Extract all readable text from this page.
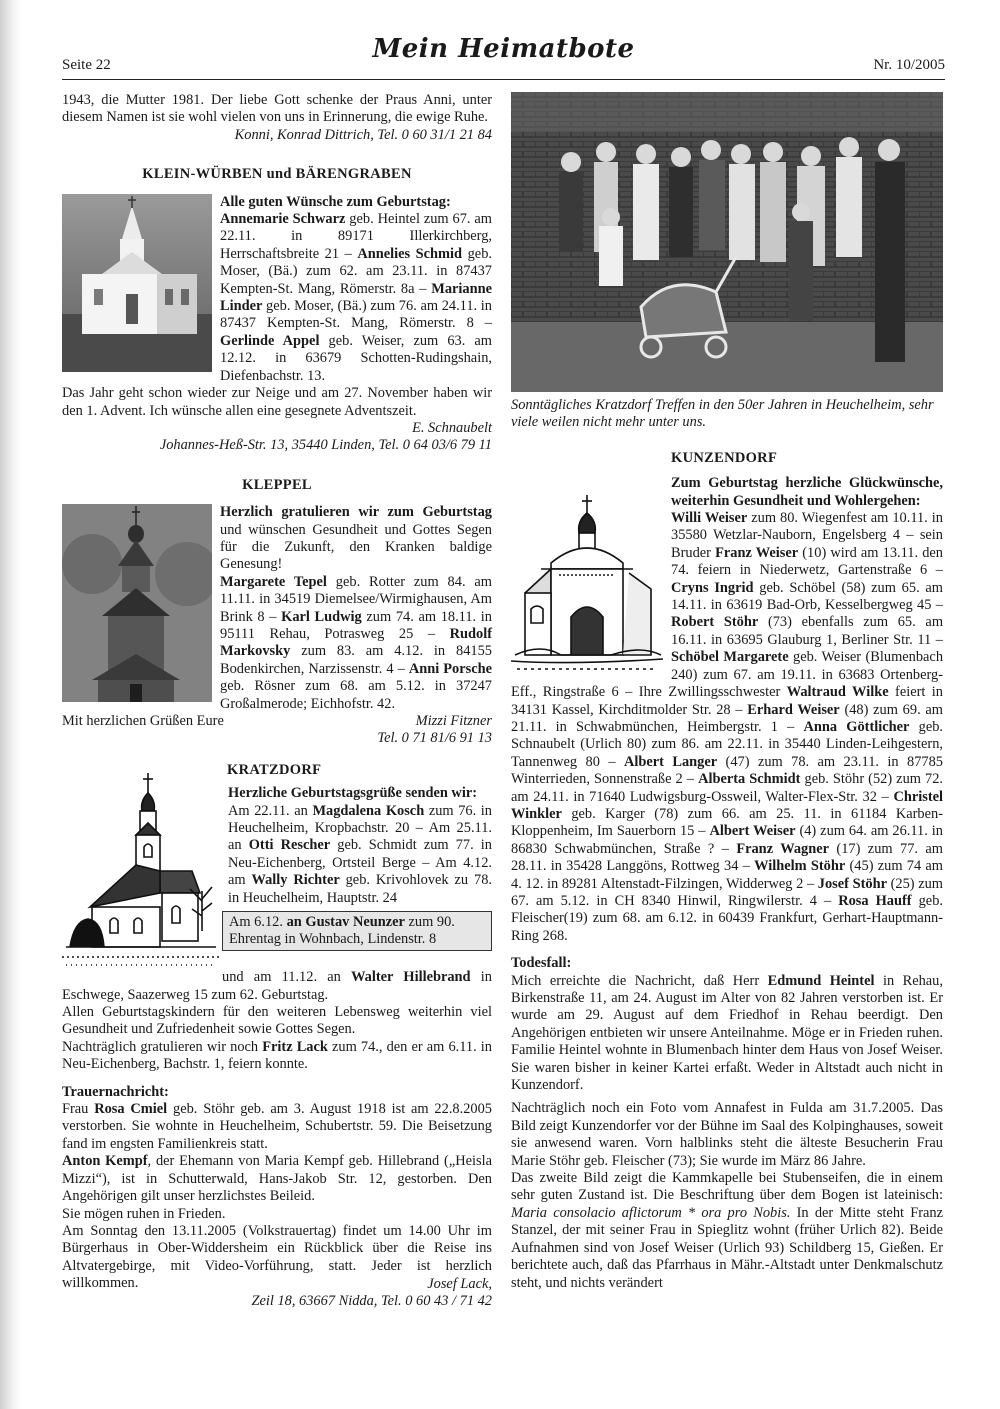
Seite 22
Mein Heimatbote
Nr. 10/2005

1943, die Mutter 1981. Der liebe Gott schenke der Praus Anni, unter diesem Namen ist sie wohl vielen von uns in Erinnerung, die ewige Ruhe.
Konni, Konrad Dittrich, Tel. 0 60 31/1 21 84

KLEIN-WÜRBEN und BÄRENGRABEN

Alle guten Wünsche zum Geburtstag:
Annemarie Schwarz geb. Heintel zum 67. am 22.11. in 89171 Illerkirchberg, Herrschaftsbreite 21 – Annelies Schmid geb. Moser, (Bä.) zum 62. am 23.11. in 87437 Kempten-St. Mang, Römerstr. 8a – Marianne Linder geb. Moser, (Bä.) zum 76. am 24.11. in 87437 Kempten-St. Mang, Römerstr. 8 – Gerlinde Appel geb. Weiser, zum 63. am 12.12. in 63679 Schotten-Rudingshain, Diefenbachstr. 13.

Das Jahr geht schon wieder zur Neige und am 27. November haben wir den 1. Advent. Ich wünsche allen eine gesegnete Adventszeit.

E. Schnaubelt

Johannes-Heß-Str. 13, 35440 Linden, Tel. 0 64 03/6 79 11

KLEPPEL

Herzlich gratulieren wir zum Geburtstag und wünschen Gesundheit und Gottes Segen für die Zukunft, den Kranken baldige Genesung!
Margarete Tepel geb. Rotter zum 84. am 11.11. in 34519 Diemelsee/Wirmighausen, Am Brink 8 – Karl Ludwig zum 74. am 18.11. in 95111 Rehau, Potrasweg 25 – Rudolf Markovsky zum 83. am 4.12. in 84155 Bodenkirchen, Narzissenstr. 4 – Anni Porsche geb. Rösner zum 68. am 5.12. in 37247 Großalmerode; Eichhofstr. 42.

Mit herzlichen Grüßen Eure	Mizzi Fitzner

Tel. 0 71 81/6 91 13

KRATZDORF

Herzliche Geburtstagsgrüße senden wir:
Am 22.11. an Magdalena Kosch zum 76. in Heuchelheim, Kropbachstr. 20 – Am 25.11. an Otti Rescher geb. Schmidt zum 77. in Neu-Eichenberg, Ortsteil Berge – Am 4.12. am Wally Richter geb. Krivohlovek zu 78. in Heuchelheim, Hauptstr. 24

Am 6.12. an Gustav Neunzer zum 90. Ehrentag in Wohnbach, Lindenstr. 8

und am 11.12. an Walter Hillebrand in Eschwege, Saazerweg 15 zum 62. Geburtstag.

Allen Geburtstagskindern für den weiteren Lebensweg weiterhin viel Gesundheit und Zufriedenheit sowie Gottes Segen.

Nachträglich gratulieren wir noch Fritz Lack zum 74., den er am 6.11. in Neu-Eichenberg, Bachstr. 1, feiern konnte.

Trauernachricht:

Frau Rosa Cmiel geb. Stöhr geb. am 3. August 1918 ist am 22.8.2005 verstorben. Sie wohnte in Heuchelheim, Schubertstr. 59. Die Beisetzung fand im engsten Familienkreis statt.

Anton Kempf, der Ehemann von Maria Kempf geb. Hillebrand („Heisla Mizzi“), ist in Schutterwald, Hans-Jakob Str. 12, gestorben. Den Angehörigen gilt unser herzlichstes Beileid.

Sie mögen ruhen in Frieden.

Am Sonntag den 13.11.2005 (Volkstrauertag) findet um 14.00 Uhr im Bürgerhaus in Ober-Widdersheim ein Rückblick über die Reise ins Altvatergebirge, mit Video-Vorführung, statt. Jeder ist herzlich willkommen.	Josef Lack,

Zeil 18, 63667 Nidda, Tel. 0 60 43 / 71 42

Sonntägliches Kratzdorf Treffen in den 50er Jahren in Heuchelheim, sehr viele weilen nicht mehr unter uns.

KUNZENDORF

Zum Geburtstag herzliche Glückwünsche, weiterhin Gesundheit und Wohlergehen:
Willi Weiser zum 80. Wiegenfest am 10.11. in 35580 Wetzlar-Nauborn, Engelsberg 4 – sein Bruder Franz Weiser (10) wird am 13.11. den 74. feiern in Niederwetz, Gartenstraße 6 – Cryns Ingrid geb. Schöbel (58) zum 65. am 14.11. in 63619 Bad-Orb, Kesselbergweg 45 – Robert Stöhr (73) ebenfalls zum 65. am 16.11. in 63695 Glauburg 1, Berliner Str. 11 – Schöbel Margarete geb. Weiser (Blumenbach 240) zum 67. am 19.11. in 63683 Ortenberg-Eff., Ringstraße 6 – Ihre Zwillingsschwester Waltraud Wilke feiert in 34131 Kassel, Kirchditmolder Str. 28 – Erhard Weiser (48) zum 69. am 21.11. in Schwabmünchen, Heimbergstr. 1 – Anna Göttlicher geb. Schnaubelt (Urlich 80) zum 86. am 22.11. in 35440 Linden-Leihgestern, Tannenweg 80 – Albert Langer (47) zum 78. am 23.11. in 87785 Winterrieden, Sonnenstraße 2 – Alberta Schmidt geb. Stöhr (52) zum 72. am 24.11. in 71640 Ludwigsburg-Ossweil, Walter-Flex-Str. 32 – Christel Winkler geb. Karger (78) zum 66. am 25. 11. in 61184 Karben-Kloppenheim, Im Sauerborn 15 – Albert Weiser (4) zum 64. am 26.11. in 86830 Schwabmünchen, Straße ? – Franz Wagner (17) zum 77. am 28.11. in 35428 Langgöns, Rottweg 34 – Wilhelm Stöhr (45) zum 74 am 4. 12. in 89281 Altenstadt-Filzingen, Widderweg 2 – Josef Stöhr (25) zum 67. am 5.12. in CH 8340 Hinwil, Ringwilerstr. 4 – Rosa Hauff geb. Fleischer(19) zum 68. am 6.12. in 60439 Frankfurt, Gerhart-Hauptmann-Ring 268.

Todesfall:

Mich erreichte die Nachricht, daß Herr Edmund Heintel in Rehau, Birkenstraße 11, am 24. August im Alter von 82 Jahren verstorben ist. Er wurde am 29. August auf dem Friedhof in Rehau beerdigt. Den Angehörigen entbieten wir unsere Anteilnahme. Möge er in Frieden ruhen. Familie Heintel wohnte in Blumenbach hinter dem Haus von Josef Weiser. Sie waren bisher in keiner Kartei erfaßt. Weder in Altstadt auch nicht in Kunzendorf.

Nachträglich noch ein Foto vom Annafest in Fulda am 31.7.2005. Das Bild zeigt Kunzendorfer vor der Bühne im Saal des Kolpinghauses, soweit sie anwesend waren. Vorn halblinks steht die älteste Besucherin Frau Marie Stöhr geb. Fleischer (73); Sie wurde im März 86 Jahre.

Das zweite Bild zeigt die Kammkapelle bei Stubenseifen, die in einem sehr guten Zustand ist. Die Beschriftung über dem Bogen ist lateinisch: Maria consolacio aflictorum * ora pro Nobis. In der Mitte steht Franz Stanzel, der mit seiner Frau in Spieglitz wohnt (früher Urlich 82). Beide Aufnahmen sind von Josef Weiser (Urlich 93) Schildberg 15, Gießen. Er berichtete auch, daß das Pfarrhaus in Mähr.-Altstadt unter Denkmalschutz steht, und nichts verändert
